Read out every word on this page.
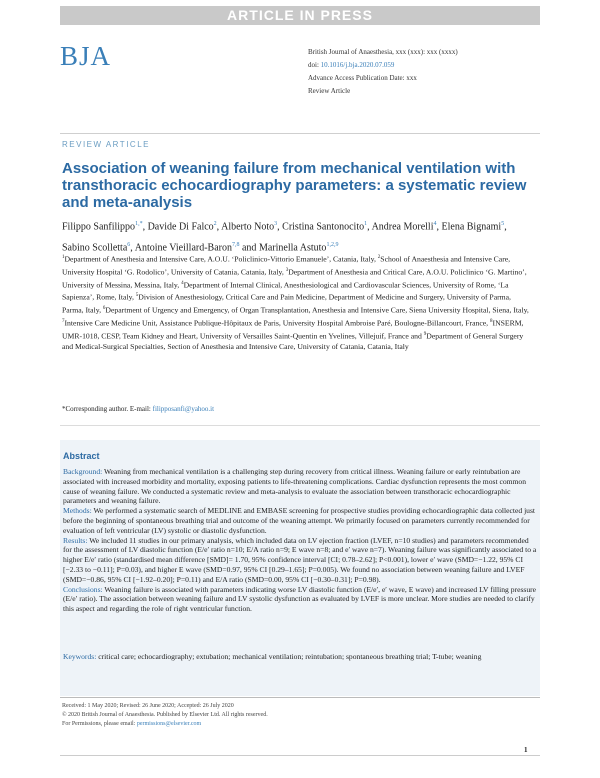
ARTICLE IN PRESS
BJA	British Journal of Anaesthesia, xxx (xxx): xxx (xxxx)
doi: 10.1016/j.bja.2020.07.059
Advance Access Publication Date: xxx
Review Article
REVIEW ARTICLE
Association of weaning failure from mechanical ventilation with transthoracic echocardiography parameters: a systematic review and meta-analysis
Filippo Sanfilippo$^{1,*}$, Davide Di Falco$^2$, Alberto Noto$^3$, Cristina Santonocito$^1$, Andrea Morelli$^4$, Elena Bignami$^5$, Sabino Scolletta$^6$, Antoine Vieillard-Baron$^{7,8}$ and Marinella Astuto$^{1,2,9}$
$^1$Department of Anesthesia and Intensive Care, A.O.U. ‘Policlinico-Vittorio Emanuele’, Catania, Italy, $^2$School of Anaesthesia and Intensive Care, University Hospital ‘G. Rodolico’, University of Catania, Catania, Italy, $^3$Department of Anesthesia and Critical Care, A.O.U. Policlinico ‘G. Martino’, University of Messina, Messina, Italy, $^4$Department of Internal Clinical, Anesthesiological and Cardiovascular Sciences, University of Rome, ‘La Sapienza’, Rome, Italy, $^5$Division of Anesthesiology, Critical Care and Pain Medicine, Department of Medicine and Surgery, University of Parma, Parma, Italy, $^6$Department of Urgency and Emergency, of Organ Transplantation, Anesthesia and Intensive Care, Siena University Hospital, Siena, Italy, $^7$Intensive Care Medicine Unit, Assistance Publique-Hôpitaux de Paris, University Hospital Ambroise Paré, Boulogne-Billancourt, France, $^8$INSERM, UMR-1018, CESP, Team Kidney and Heart, University of Versailles Saint-Quentin en Yvelines, Villejuif, France and $^9$Department of General Surgery and Medical-Surgical Specialties, Section of Anesthesia and Intensive Care, University of Catania, Catania, Italy
*Corresponding author. E-mail: filipposanfi@yahoo.it
Abstract

Background: Weaning from mechanical ventilation is a challenging step during recovery from critical illness. Weaning failure or early reintubation are associated with increased morbidity and mortality, exposing patients to life-threatening complications. Cardiac dysfunction represents the most common cause of weaning failure. We conducted a systematic review and meta-analysis to evaluate the association between transthoracic echocardiographic parameters and weaning failure.

Methods: We performed a systematic search of MEDLINE and EMBASE screening for prospective studies providing echocardiographic data collected just before the beginning of spontaneous breathing trial and outcome of the weaning attempt. We primarily focused on parameters currently recommended for evaluation of left ventricular (LV) systolic or diastolic dysfunction.

Results: We included 11 studies in our primary analysis, which included data on LV ejection fraction (LVEF, n=10 studies) and parameters recommended for the assessment of LV diastolic function (E/e′ ratio n=10; E/A ratio n=9; E wave n=8; and e′ wave n=7). Weaning failure was significantly associated to a higher E/e′ ratio (standardised mean difference [SMD]= 1.70, 95% confidence interval [CI; 0.78–2.62]; P<0.001), lower e′ wave (SMD=−1.22, 95% CI [−2.33 to −0.11]; P=0.03), and higher E wave (SMD=0.97, 95% CI [0.29–1.65]; P=0.005). We found no association between weaning failure and LVEF (SMD=−0.86, 95% CI [−1.92–0.20]; P=0.11) and E/A ratio (SMD=0.00, 95% CI [−0.30–0.31]; P=0.98).

Conclusions: Weaning failure is associated with parameters indicating worse LV diastolic function (E/e′, e′ wave, E wave) and increased LV filling pressure (E/e′ ratio). The association between weaning failure and LV systolic dysfunction as evaluated by LVEF is more unclear. More studies are needed to clarify this aspect and regarding the role of right ventricular function.

Keywords: critical care; echocardiography; extubation; mechanical ventilation; reintubation; spontaneous breathing trial; T-tube; weaning
Received: 1 May 2020; Revised: 26 June 2020; Accepted: 26 July 2020
© 2020 British Journal of Anaesthesia. Published by Elsevier Ltd. All rights reserved.
For Permissions, please email: permissions@elsevier.com
1
